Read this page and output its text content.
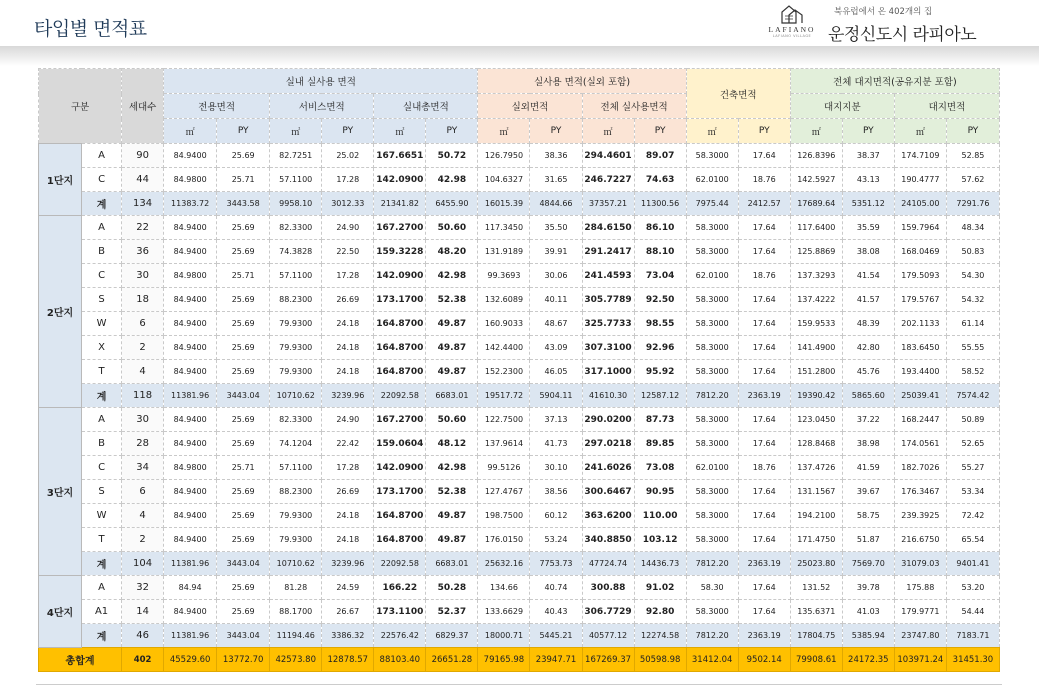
타입별 면적표	LAFIANO
LAFIANO VILLAGE
북유럽에서 온 402개의 집
운정신도시 라피아노
구분		세대수	실내 실사용 면적						실사용 면적(실외 포함)				건축면적		전체 대지면적(공유지분 포함)			
			전용면적		서비스면적		실내총면적		실외면적		전체 실사용면적				대지지분		대지면적	
			㎡	PY	㎡	PY	㎡	PY	㎡	PY	㎡	PY	㎡	PY	㎡	PY	㎡	PY
1단지	A	90	84.9400	25.69	82.7251	25.02	167.6651	50.72	126.7950	38.36	294.4601	89.07	58.3000	17.64	126.8396	38.37	174.7109	52.85
	C	44	84.9800	25.71	57.1100	17.28	142.0900	42.98	104.6327	31.65	246.7227	74.63	62.0100	18.76	142.5927	43.13	190.4777	57.62
	계	134	11383.72	3443.58	9958.10	3012.33	21341.82	6455.90	16015.39	4844.66	37357.21	11300.56	7975.44	2412.57	17689.64	5351.12	24105.00	7291.76
2단지	A	22	84.9400	25.69	82.3300	24.90	167.2700	50.60	117.3450	35.50	284.6150	86.10	58.3000	17.64	117.6400	35.59	159.7964	48.34
	B	36	84.9400	25.69	74.3828	22.50	159.3228	48.20	131.9189	39.91	291.2417	88.10	58.3000	17.64	125.8869	38.08	168.0469	50.83
	C	30	84.9800	25.71	57.1100	17.28	142.0900	42.98	99.3693	30.06	241.4593	73.04	62.0100	18.76	137.3293	41.54	179.5093	54.30
	S	18	84.9400	25.69	88.2300	26.69	173.1700	52.38	132.6089	40.11	305.7789	92.50	58.3000	17.64	137.4222	41.57	179.5767	54.32
	W	6	84.9400	25.69	79.9300	24.18	164.8700	49.87	160.9033	48.67	325.7733	98.55	58.3000	17.64	159.9533	48.39	202.1133	61.14
	X	2	84.9400	25.69	79.9300	24.18	164.8700	49.87	142.4400	43.09	307.3100	92.96	58.3000	17.64	141.4900	42.80	183.6450	55.55
	T	4	84.9400	25.69	79.9300	24.18	164.8700	49.87	152.2300	46.05	317.1000	95.92	58.3000	17.64	151.2800	45.76	193.4400	58.52
	계	118	11381.96	3443.04	10710.62	3239.96	22092.58	6683.01	19517.72	5904.11	41610.30	12587.12	7812.20	2363.19	19390.42	5865.60	25039.41	7574.42
3단지	A	30	84.9400	25.69	82.3300	24.90	167.2700	50.60	122.7500	37.13	290.0200	87.73	58.3000	17.64	123.0450	37.22	168.2447	50.89
	B	28	84.9400	25.69	74.1204	22.42	159.0604	48.12	137.9614	41.73	297.0218	89.85	58.3000	17.64	128.8468	38.98	174.0561	52.65
	C	34	84.9800	25.71	57.1100	17.28	142.0900	42.98	99.5126	30.10	241.6026	73.08	62.0100	18.76	137.4726	41.59	182.7026	55.27
	S	6	84.9400	25.69	88.2300	26.69	173.1700	52.38	127.4767	38.56	300.6467	90.95	58.3000	17.64	131.1567	39.67	176.3467	53.34
	W	4	84.9400	25.69	79.9300	24.18	164.8700	49.87	198.7500	60.12	363.6200	110.00	58.3000	17.64	194.2100	58.75	239.3925	72.42
	T	2	84.9400	25.69	79.9300	24.18	164.8700	49.87	176.0150	53.24	340.8850	103.12	58.3000	17.64	171.4750	51.87	216.6750	65.54
	계	104	11381.96	3443.04	10710.62	3239.96	22092.58	6683.01	25632.16	7753.73	47724.74	14436.73	7812.20	2363.19	25023.80	7569.70	31079.03	9401.41
4단지	A	32	84.94	25.69	81.28	24.59	166.22	50.28	134.66	40.74	300.88	91.02	58.30	17.64	131.52	39.78	175.88	53.20
	A1	14	84.9400	25.69	88.1700	26.67	173.1100	52.37	133.6629	40.43	306.7729	92.80	58.3000	17.64	135.6371	41.03	179.9771	54.44
	계	46	11381.96	3443.04	11194.46	3386.32	22576.42	6829.37	18000.71	5445.21	40577.12	12274.58	7812.20	2363.19	17804.75	5385.94	23747.80	7183.71
총합계		402	45529.60	13772.70	42573.80	12878.57	88103.40	26651.28	79165.98	23947.71	167269.37	50598.98	31412.04	9502.14	79908.61	24172.35	103971.24	31451.30
